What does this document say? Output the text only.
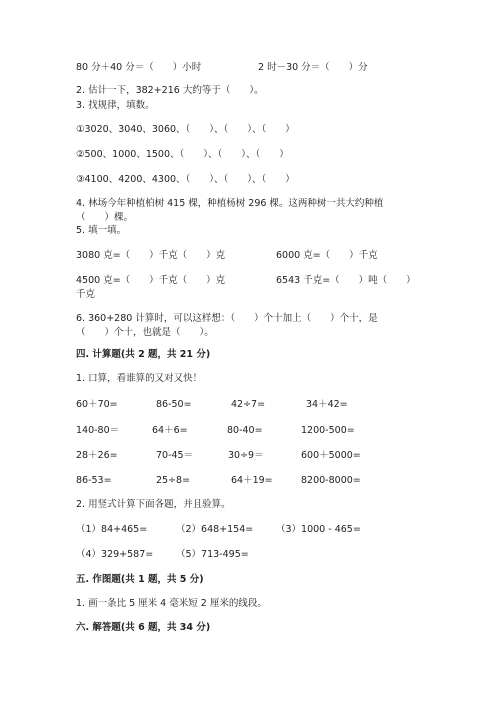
80 分＋40 分＝（　　）小时	2 时－30 分＝（　　）分
2. 估计一下，382+216 大约等于（　　）。
3. 找规律，填数。
①3020、3040、3060、（　　）、（　　）、（　　）
②500、1000、1500、（　　）、（　　）、（　　）
③4100、4200、4300、（　　）、（　　）、（　　）
4. 林场今年种植柏树 415 棵，种植杨树 296 棵。这两种树一共大约种植
（　　）棵。
5. 填一填。
3080 克=（　　）千克（　　）克	6000 克=（　　）千克
4500 克=（　　）千克（　　）克	6543 千克=（　　）吨（　　）
千克
6. 360+280 计算时，可以这样想：（　　）个十加上（　　）个十，是
（　　）个十，也就是（　　）。
四. 计算题(共 2 题，共 21 分)
1. 口算，看谁算的又对又快！
60＋70=	86-50=	42÷7=	34＋42=
140-80＝	64＋6=	80-40=	1200-500=
28＋26=	70-45＝	30÷9＝	600＋5000=
86-53=	25÷8=	64＋19=	8200-8000=
2. 用竖式计算下面各题，并且验算。
（1）84+465=	（2）648+154= （3）1000 - 465=
（4）329+587= （5）713-495=
五. 作图题(共 1 题，共 5 分)
1. 画一条比 5 厘米 4 毫米短 2 厘米的线段。
六. 解答题(共 6 题，共 34 分)
